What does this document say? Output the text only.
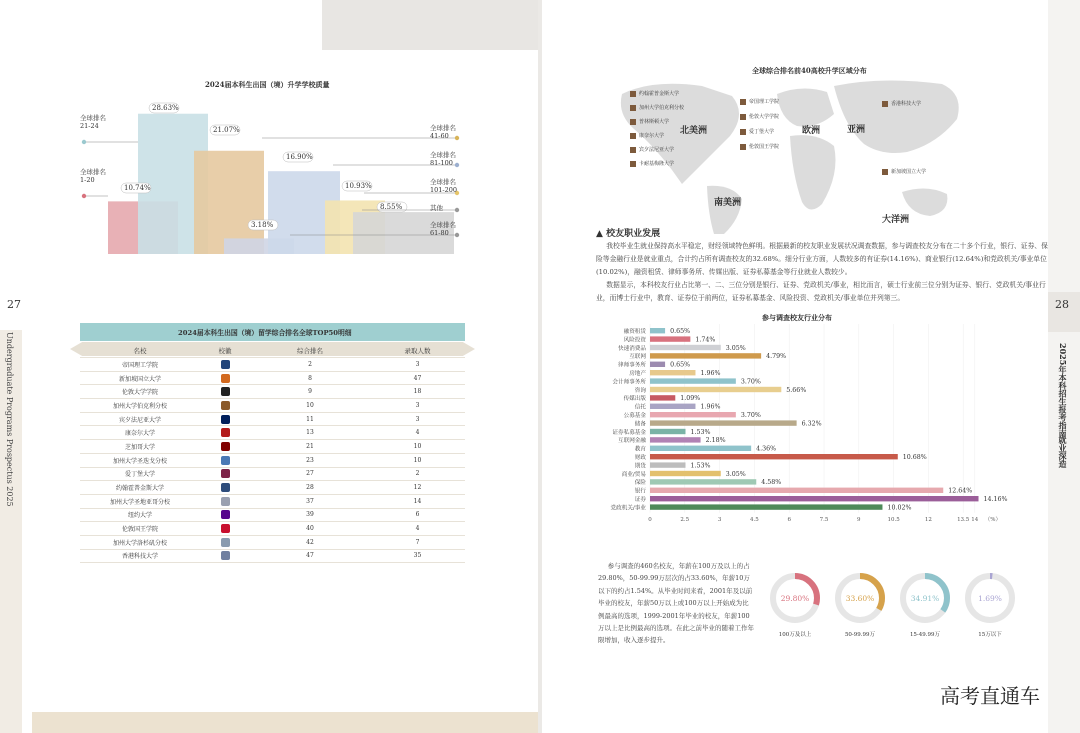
27
Undergraduate Programs Prospectus 2025
2024届本科生出国（境）升学学校质量
10.74%
28.63%
21.07%
3.18%
16.90%
10.93%
8.55%
全球排名
21-24
全球排名
1-20
全球排名
41-60
全球排名
81-100
全球排名
101-200
其他
全球排名
61-80
2024届本科生出国（境）留学综合排名全球TOP50明细
名校	校徽	综合排名	录取人数
帝国理工学院		2	3
新加坡国立大学		8	47
伦敦大学学院		9	18
加州大学伯克利分校		10	3
宾夕法尼亚大学		11	3
康奈尔大学		13	4
芝加哥大学		21	10
加州大学圣迭戈分校		23	10
爱丁堡大学		27	2
约翰霍普金斯大学		28	12
加州大学圣地亚哥分校		37	14
纽约大学		39	6
伦敦国王学院		40	4
加州大学洛杉矶分校		42	7
香港科技大学		47	35
28
2025年本科招生报考指南
就业深造
全球综合排名前40高校升学区域分布
北美洲	欧洲	亚洲
南美洲
大洋洲
约翰霍普金斯大学
加州大学伯克利分校
普林斯顿大学
康奈尔大学
宾夕法尼亚大学
卡耐基梅隆大学
帝国理工学院
伦敦大学学院
爱丁堡大学
伦敦国王学院
香港科技大学
新加坡国立大学
▲ 校友职业发展
我校毕业生就业保持高水平稳定，财经领域特色鲜明。根据最新的校友职业发展状况调查数据，参与调查校友分布在二十多个行业，银行、证券、保险等金融行业是就业重点，合计约占所有调查校友的32.68%。细分行业方面，人数较多的有证券(14.16%)、商业银行(12.64%)和党政机关/事业单位(10.02%)，融资租赁、律师事务所、传媒出版、证券私募基金等行业就业人数较少。
数据显示，本科校友行业占比第一、二、三位分别是银行、证券、党政机关/事业，相比而言，硕士行业前三位分别为证券、银行、党政机关/事业行业，而博士行业中，教育、证券位于前两位，证券私募基金、风险投资、党政机关/事业单位并列第三。
参与调查校友行业分布
融资租赁	0.65%
风险投资	1.74%
快速消费品	3.05%
互联网	4.79%
律师事务所	0.65%
房地产	1.96%
会计师事务所	3.70%
咨询	5.66%
传媒出版	1.09%
信托	1.96%
公募基金	3.70%
储备	6.32%
证券私募基金	1.53%
互联网金融	2.18%
教育	4.36%
财政	10.68%
期货	1.53%
商业/贸易	3.05%
保险	4.58%
银行	12.64%
证券	14.16%
党政机关/事业	10.02%
0	2.5	3	4.5	6	7.5	9	10.5	12	13.5 14 （%）
参与调查的460名校友，年薪在100万及以上的占29.80%，50-99.99万层次的占33.60%，年薪10万以下的约占1.54%。从毕业时间来看，2001年及以前毕业的校友，年薪50万以上或100万以上开始成为比例最高的选项，1999-2001年毕业的校友，年薪100万以上是比例最高的选项。在此之前毕业的随着工作年限增加，收入逐步提升。
29.80%	33.60%	34.91%	1.69%
100万及以上	50-99.99万	15-49.99万	15万以下
高考直通车
